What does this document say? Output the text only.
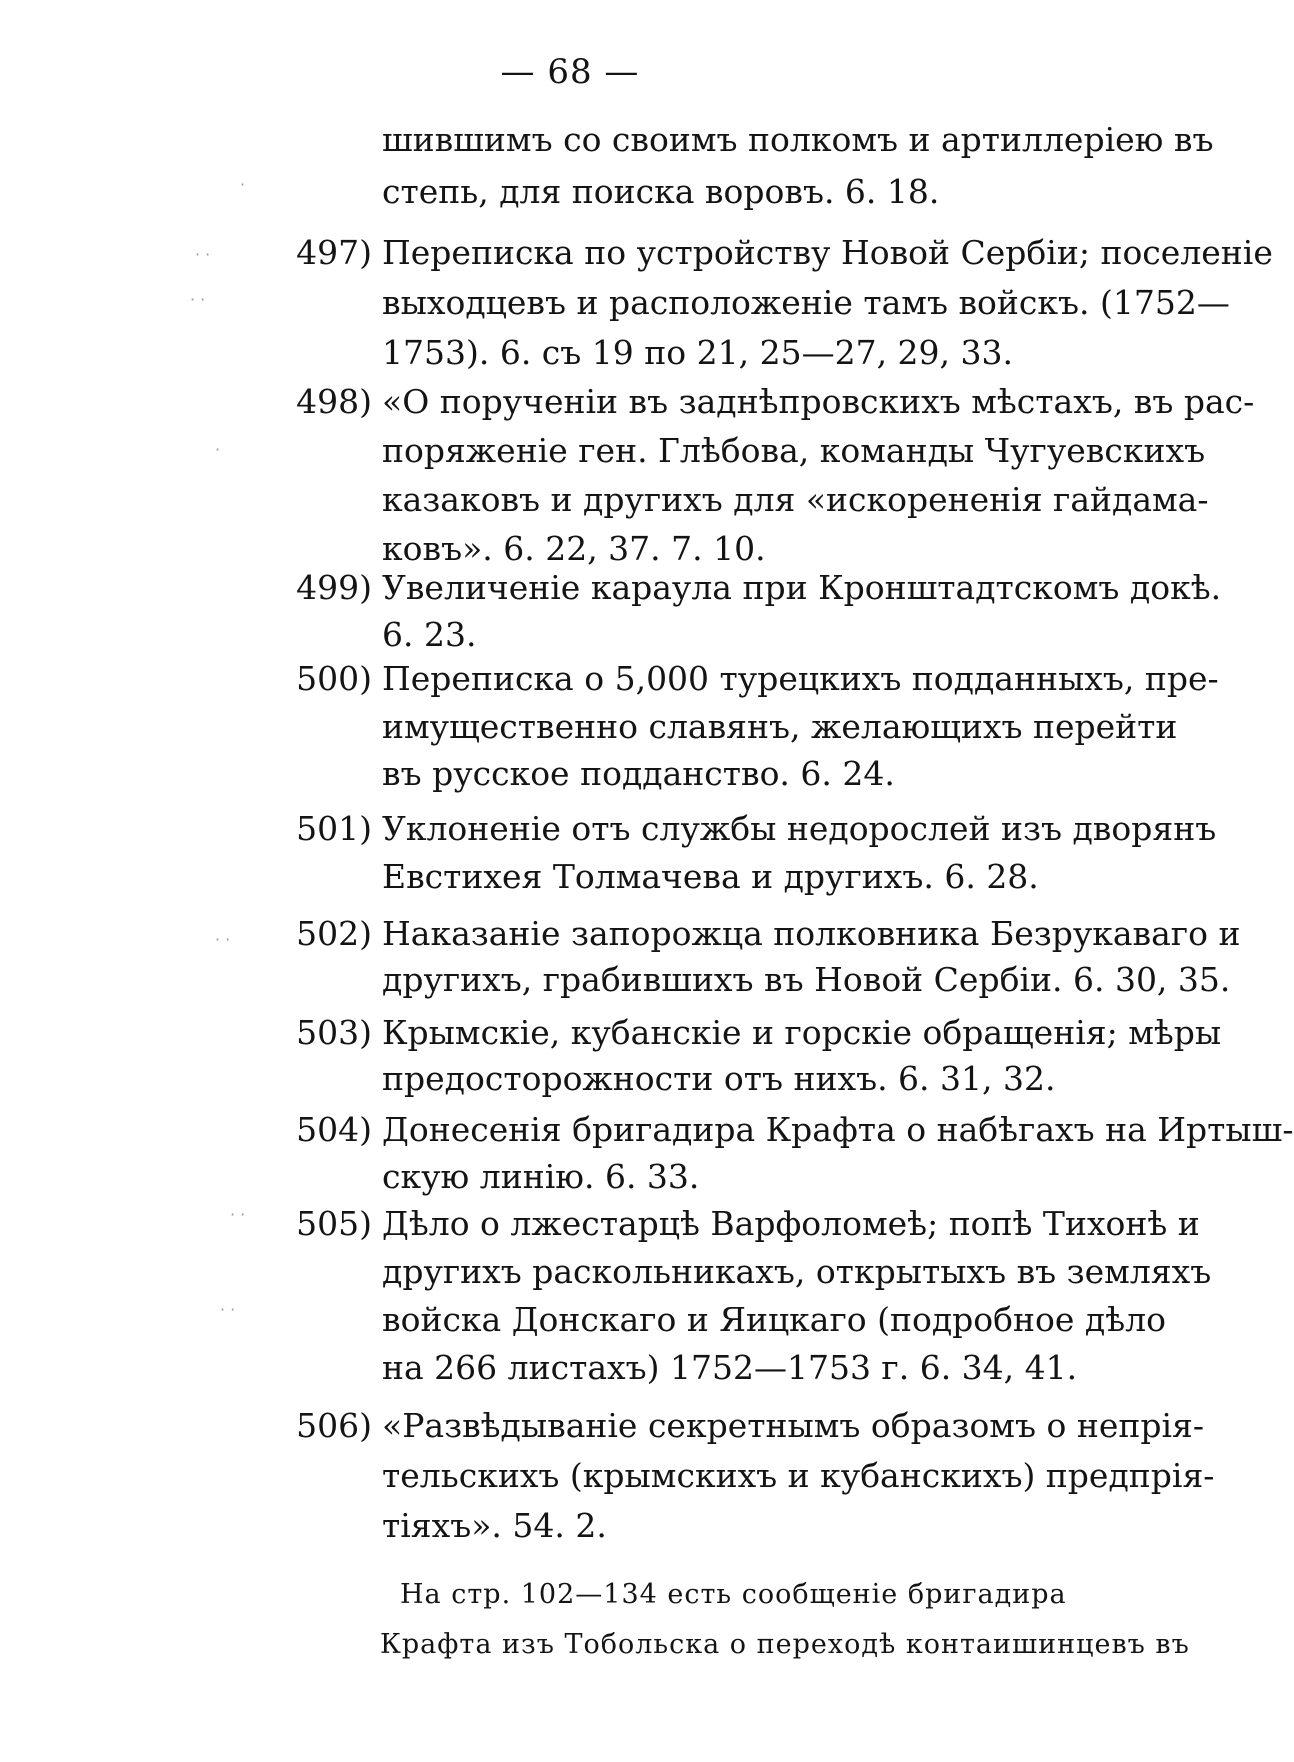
— 68 —
шившимъ со своимъ полкомъ и артиллеріею въ
степь, для поиска воровъ. 6. 18.
497) Переписка по устройству Новой Сербіи; поселеніе
выходцевъ и расположеніе тамъ войскъ. (1752—
1753). 6. съ 19 по 21, 25—27, 29, 33.
498) «О порученіи въ заднѣпровскихъ мѣстахъ, въ рас-
поряженіе ген. Глѣбова, команды Чугуевскихъ
казаковъ и другихъ для «искорененія гайдама-
ковъ». 6. 22, 37. 7. 10.
499) Увеличеніе караула при Кронштадтскомъ докѣ.
6. 23.
500) Переписка о 5,000 турецкихъ подданныхъ, пре-
имущественно славянъ, желающихъ перейти
въ русское подданство. 6. 24.
501) Уклоненіе отъ службы недорослей изъ дворянъ
Евстихея Толмачева и другихъ. 6. 28.
502) Наказаніе запорожца полковника Безрукаваго и
другихъ, грабившихъ въ Новой Сербіи. 6. 30, 35.
503) Крымскіе, кубанскіе и горскіе обращенія; мѣры
предосторожности отъ нихъ. 6. 31, 32.
504) Донесенія бригадира Крафта о набѣгахъ на Иртыш-
скую линію. 6. 33.
505) Дѣло о лжестарцѣ Варфоломеѣ; попѣ Тихонѣ и
другихъ раскольникахъ, открытыхъ въ земляхъ
войска Донскаго и Яицкаго (подробное дѣло
на 266 листахъ) 1752—1753 г. 6. 34, 41.
506) «Развѣдываніе секретнымъ образомъ о непрія-
тельскихъ (крымскихъ и кубанскихъ) предпрія-
тіяхъ». 54. 2.
На стр. 102—134 есть сообщеніе бригадира
Крафта изъ Тобольска о переходѣ контаишинцевъ въ
·
· ·
· ·
·
· ·
· ·
· ·
